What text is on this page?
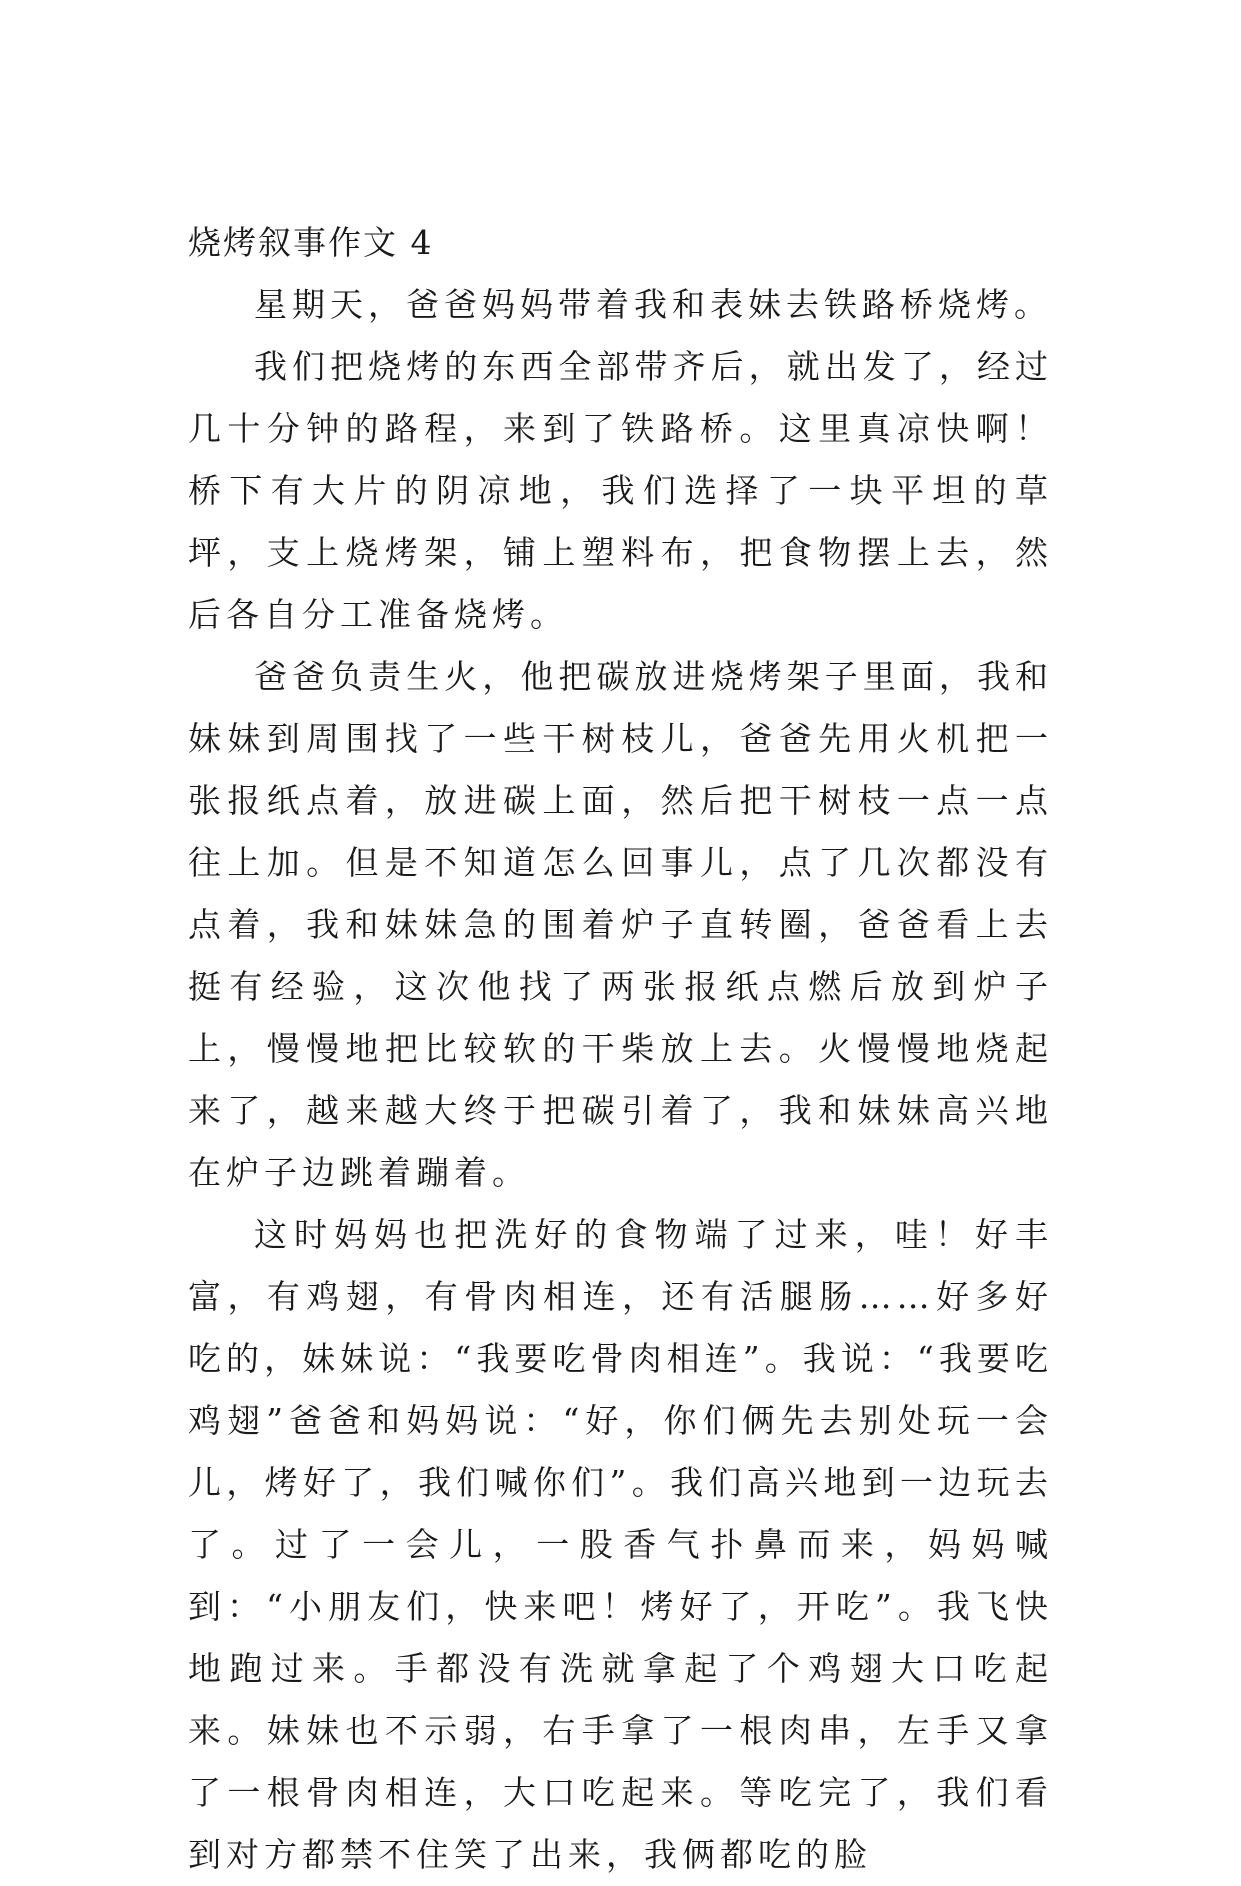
烧烤叙事作文 4

星期天，爸爸妈妈带着我和表妹去铁路桥烧烤。

我们把烧烤的东西全部带齐后，就出发了，经过几十分钟的路程，来到了铁路桥。这里真凉快啊！桥下有大片的阴凉地，我们选择了一块平坦的草坪，支上烧烤架，铺上塑料布，把食物摆上去，然后各自分工准备烧烤。

爸爸负责生火，他把碳放进烧烤架子里面，我和妹妹到周围找了一些干树枝儿，爸爸先用火机把一张报纸点着，放进碳上面，然后把干树枝一点一点往上加。但是不知道怎么回事儿，点了几次都没有点着，我和妹妹急的围着炉子直转圈，爸爸看上去挺有经验，这次他找了两张报纸点燃后放到炉子上，慢慢地把比较软的干柴放上去。火慢慢地烧起来了，越来越大终于把碳引着了，我和妹妹高兴地在炉子边跳着蹦着。

这时妈妈也把洗好的食物端了过来，哇！好丰富，有鸡翅，有骨肉相连，还有活腿肠……好多好吃的，妹妹说：“我要吃骨肉相连”。我说：“我要吃鸡翅”爸爸和妈妈说：“好，你们俩先去别处玩一会儿，烤好了，我们喊你们”。我们高兴地到一边玩去了。过了一会儿，一股香气扑鼻而来，妈妈喊到：“小朋友们，快来吧！烤好了，开吃”。我飞快地跑过来。手都没有洗就拿起了个鸡翅大口吃起来。妹妹也不示弱，右手拿了一根肉串，左手又拿了一根骨肉相连，大口吃起来。等吃完了，我们看到对方都禁不住笑了出来，我俩都吃的脸
